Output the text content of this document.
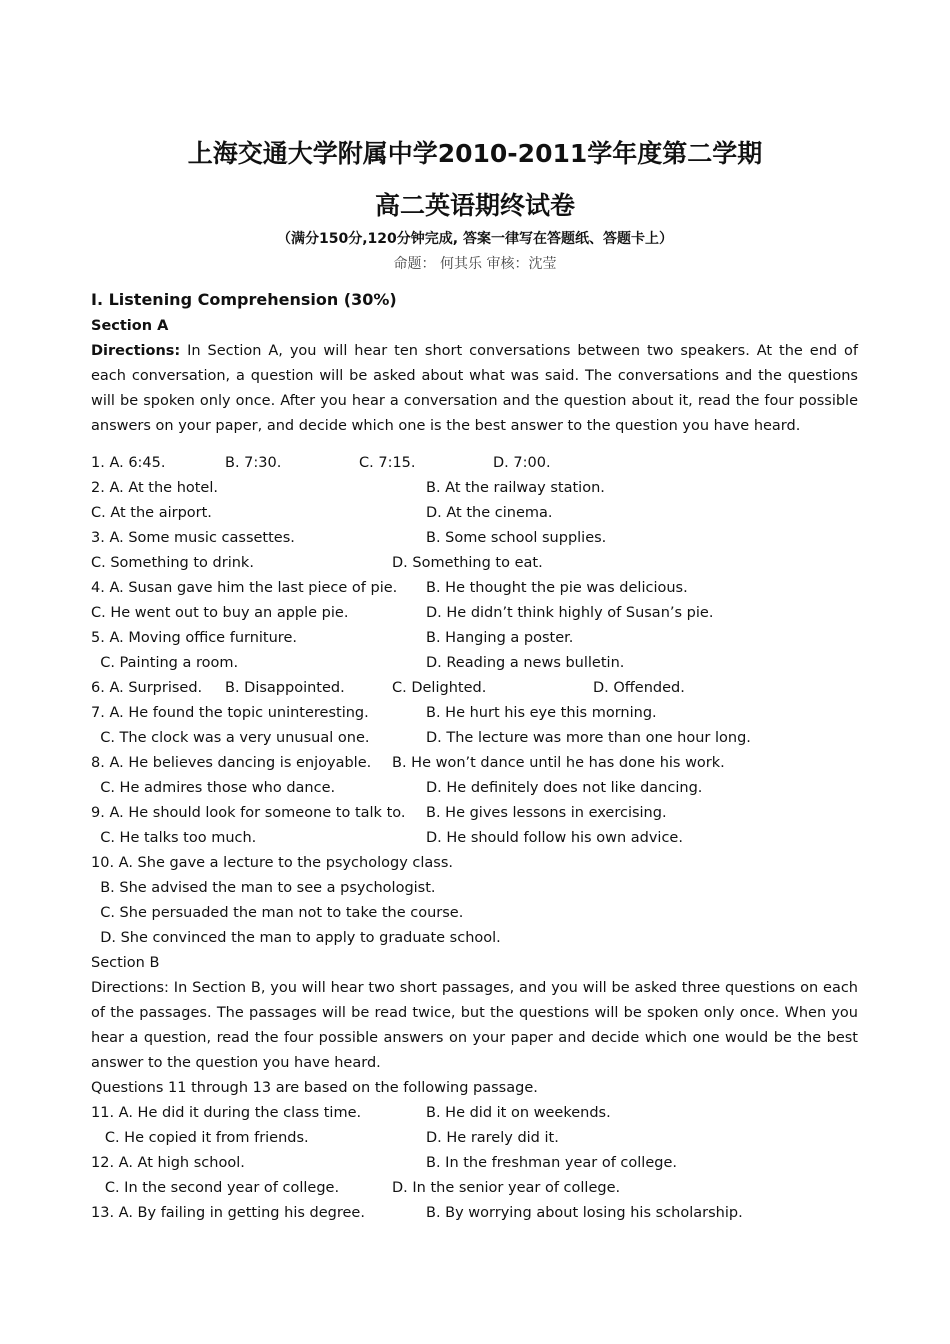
上海交通大学附属中学2010-2011学年度第二学期
高二英语期终试卷
（满分150分,120分钟完成, 答案一律写在答题纸、答题卡上）
命题： 何其乐 审核：沈莹
I. Listening Comprehension (30%)
Section A
Directions: In Section A, you will hear ten short conversations between two speakers. At the end of each conversation, a question will be asked about what was said. The conversations and the questions will be spoken only once. After you hear a conversation and the question about it, read the four possible answers on your paper, and decide which one is the best answer to the question you have heard.
1. A. 6:45.	B. 7:30.	C. 7:15.	D. 7:00.
2. A. At the hotel.	B. At the railway station.
C. At the airport.	D. At the cinema.
3. A. Some music cassettes.	B. Some school supplies.
C. Something to drink.	D. Something to eat.
4. A. Susan gave him the last piece of pie. B. He thought the pie was delicious.
C. He went out to buy an apple pie.	D. He didn’t think highly of Susan’s pie.
5. A. Moving office furniture.	B. Hanging a poster.
C. Painting a room.	D. Reading a news bulletin.
6. A. Surprised. B. Disappointed.	C. Delighted.	D. Offended.
7. A. He found the topic uninteresting.	B. He hurt his eye this morning.
C. The clock was a very unusual one.	D. The lecture was more than one hour long.
8. A. He believes dancing is enjoyable. B. He won’t dance until he has done his work.
C. He admires those who dance.	D. He definitely does not like dancing.
9. A. He should look for someone to talk to. B. He gives lessons in exercising.
C. He talks too much.	D. He should follow his own advice.
10. A. She gave a lecture to the psychology class.
B. She advised the man to see a psychologist.
C. She persuaded the man not to take the course.
D. She convinced the man to apply to graduate school.
Section B
Directions: In Section B, you will hear two short passages, and you will be asked three questions on each of the passages. The passages will be read twice, but the questions will be spoken only once. When you hear a question, read the four possible answers on your paper and decide which one would be the best answer to the question you have heard.
Questions 11 through 13 are based on the following passage.
11. A. He did it during the class time.	B. He did it on weekends.
C. He copied it from friends.	D. He rarely did it.
12. A. At high school.	B. In the freshman year of college.
C. In the second year of college.	D. In the senior year of college.
13. A. By failing in getting his degree.	B. By worrying about losing his scholarship.
